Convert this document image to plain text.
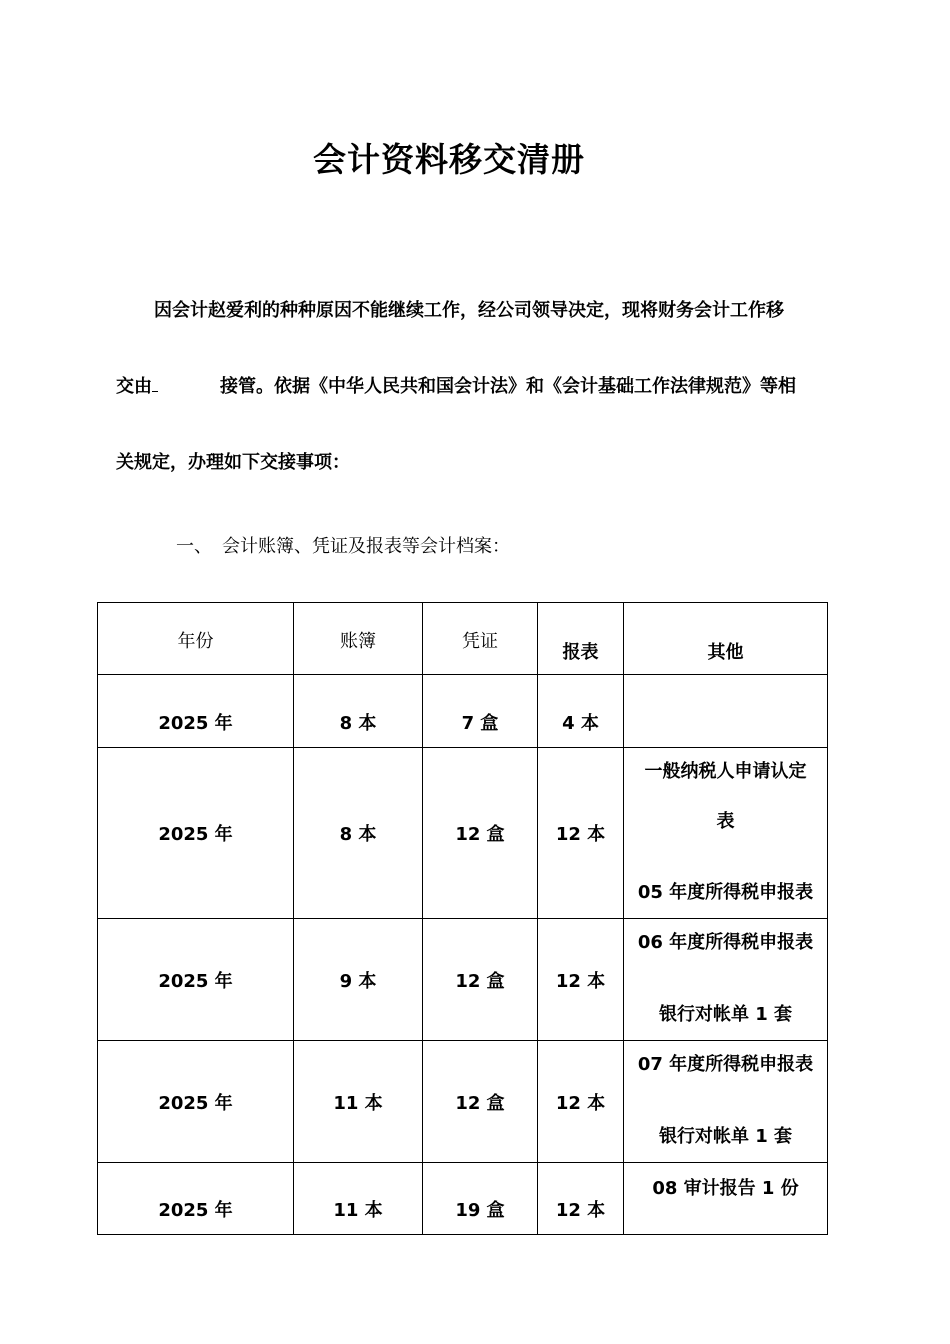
会计资料移交清册
因会计赵爱利的种种原因不能继续工作，经公司领导决定，现将财务会计工作移
交由	接管。依据《中华人民共和国会计法》和《会计基础工作法律规范》等相
关规定，办理如下交接事项：
一、 会计账簿、凭证及报表等会计档案：
年份	账簿	凭证	报表	其他
2025 年	8 本	7 盒	4 本	
2025 年	8 本	12 盒	12 本	一般纳税人申请认定
表
05 年度所得税申报表

2025 年	9 本	12 盒	12 本	06 年度所得税申报表
银行对帐单 1 套

2025 年	11 本	12 盒	12 本	07 年度所得税申报表
银行对帐单 1 套

2025 年	11 本	19 盒	12 本	08 审计报告 1 份
